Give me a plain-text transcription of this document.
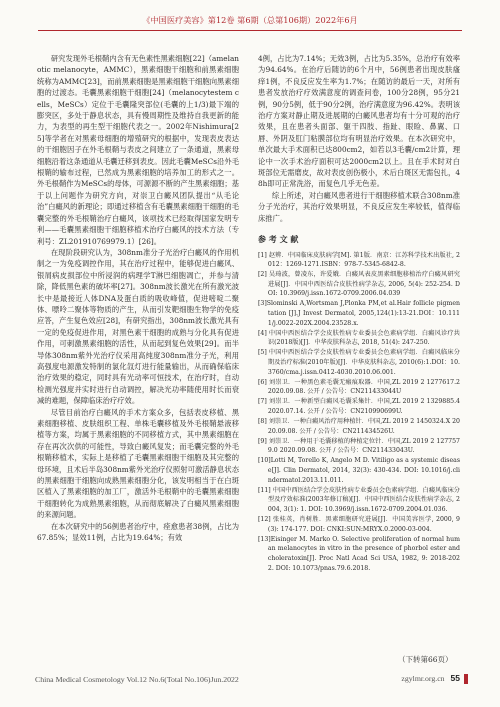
《中国医疗美容》第12卷 第6期（总第106期）2022年6月

研究发现外毛根鞘内含有无色素性黑素细胞[22]（amelanotic melanocyte，AMMC），黑素细胞干细胞和前黑素细胞统称为AMMC[23]，而前黑素细胞是黑素细胞干细胞向黑素细胞的过渡态。毛囊黑素细胞干细胞[24]（melanocytestem cells，MeSCs）定位于毛囊隆突部位(毛囊的上1/3)最下端的膨突区，多处于静息状态，具有慢周期性及维持自我更新的能力，为表型的再生型干细胞代表之一。2002年Nishimura[25]等学者在对黑素母细胞的增殖研究的根据中，发现表皮表达的干细胞因子在外毛根鞘与表皮之间建立了一条通道，黑素母细胞沿着这条通道从毛囊迁移到表皮。因此毛囊MeSCs沿外毛根鞘的输布过程，已然成为黑素细胞的培养加工的形式之一。外毛根鞘作为MeSCs的母体，可源源不断的产生黑素细胞；基于以上问题作为研究方向，对崇卫白癜风团队提出“从毛论治”白癜风的新理论；即通过移植含有毛囊黑素细胞干细胞的毛囊完整的外毛根鞘治疗白癜风，该项技术已经取得国家发明专利——毛囊黑素细胞干细胞移植术治疗白癜风的技术方法（专利号：ZL201910769979.1）[26]。

在现阶段研究认为，308nm准分子光治疗白癜风的作用机制之一为免疫调控作用，其在治疗过程中，能够促进白癜风、银屑病皮损部位中所浸润的病理学T淋巴细胞凋亡，并参与清除，降低黑色素的破坏率[27]。308nm波长激光在所有激光波长中是最接近人体DNA及蛋白质的吸收峰值，促进嘧啶二聚体、嘌呤二聚体等物质的产生，从而引发靶细胞生物学的免疫应答，产生复色效应[28]，有研究指出，308nm波长激光具有一定的免疫促进作用，对黑色素干细胞的成熟与分化具有促进作用，可刺激黑素细胞的活性，从而起到复色效果[29]。而半导体308nm紫外光治疗仪采用高纯度308nm准分子光，利用高强度电源激发特制的氯化氙灯进行能量输出，从而确保临床治疗效果的稳定，同时具有光动率可恒技术，在治疗时，自动检测光强度并实时进行自动调控，解决光功率随使用时长而衰减的难题，保障临床治疗疗效。

尽管目前治疗白癜风的手术方案众多，包括表皮移植、黑素细胞移植、皮肤组织工程、单株毛囊移植及外毛根鞘悬液移植等方案，均属于黑素细胞的不同移植方式，其中黑素细胞在存在再次次供的可能性，导致白癜风复发；而毛囊完整的外毛根鞘移植术，实际上是移植了毛囊黑素细胞干细胞及其完整的母环境，且术后半岛308nm紫外光治疗仪照射可激活静息状态的黑素细胞干细胞向成熟黑素细胞分化，该发明相当于在白斑区植入了黑素细胞的加工厂，激活外毛根鞘中的毛囊黑素细胞干细胞转化为成熟黑素细胞，从而彻底解决了白癜风黑素细胞的来源问题。

在本次研究中的56例患者治疗中，痊愈患者38例，占比为67.85%；显效11例，占比为19.64%；有效

4例，占比为7.14%；无效3例，占比为5.35%，总治疗有效率为94.64%。在治疗后随访的6个月中，56例患者出现皮肤瘙痒1例，不良反应发生率为1.7%；在随访的最后一天，对所有患者发放治疗疗效满意度的调查问卷，100分28例，95分21例，90分5例，低于90分2例，治疗满意度为96.42%。表明该治疗方案对静止期及进展期的白癜风患者均有十分可观的治疗效果，且在患者头面部、躯干四肢、指趾、眼睑、鼻翼、口唇、外阴及肛门粘膜部位均有明显治疗效果。在本次研究中，单次最大手术面积已达800cm2，如若以3毛囊/cm2计算，理论中一次手术治疗面积可达2000cm2以上。且在手术时对白斑部位无需磨皮，故对表皮创伤极小，术后白斑区无需包扎，48h即可正常洗浴，而复色几乎无色差。

综上所述，对白癜风患者进行干细胞移植术联合308nm准分子光治疗，其治疗效果明显，不良反应发生率较低，值得临床推广。

参 考 文 献

[1] 赵辨．中国临床皮肤病学[M]. 第1版．南京：江苏科学技术出版社, 2012：1269-1271.ISBN：978-7-5345-6842-8.

[2] 吴琦波，曾凌东，许爱娥．白癜风表皮黑素细胞移植治疗白癜风研究进展[J]．中国中西医结合皮肤性病学杂志, 2006, 5(4): 252-254. DOI: 10.3969/j.issn.1672-0709.2006.04.039

[3]Slominski A,Wortsman J,Plonka PM,et al.Hair follicle pigmentation [J].J Invest Dermatol, 2005,124(1):13-21.DOI：10.1111/j.0022-202X.2004.23528.x.

[4] 中国中西医结合学会皮肤性病专业委员会色素病学组．白癜风诊疗共识(2018版)[J]．中华皮肤科杂志, 2018, 51(4): 247-250.

[5] 中国中西医结合学会皮肤性病专业委员会色素病学组．白癜风临床分期及治疗标准(2010年版)[J]．中华皮肤科杂志, 2010(6):1.DOI：10.3760/cma.j.issn.0412-4030.2010.06.001.

[6] 刘崇卫．一种黑色素毛囊无瘢痕取器．中国,ZL 2019 2 1277617.2 2020.09.08. 公开 / 公告号：CN211433044U

[7] 刘崇卫．一种新型白癜风毛囊采集针．中国,ZL 2019 2 1329885.4 2020.07.14. 公开 / 公告号：CN210990699U.

[8] 刘崇卫．一种白癜风治疗用种植针．中国,ZL 2019 2 1450324.X 2020.09.08. 公开 / 公告号：CN211434526U.

[9] 刘崇卫．一种用于毛囊移植的种植定位针．中国,ZL 2019 2 1277579.0 2020.09.08. 公开 / 公告号：CN211433043U.

[10]Lotti M, Torello K, Angelo M D. Vitiligo as a systemic disease[J]. Clin Dermatol, 2014, 32(3): 430-434. DOI: 10.1016/j.clindermatol.2013.11.011.

[11] 中国中西医结合学会皮肤性病专业委员会色素病学组．白癜风临床分型及疗效标准(2003年修订稿)[J]．中国中西医结合皮肤性病学杂志, 2004, 3(1): 1. DOI: 10.3969/j.issn.1672-0709.2004.01.036.

[12] 张桂英，肖树胜．黑素细胞研究进展[J]．中国美容医学, 2000, 9(3): 174-177. DOI: CNKI:SUN:MRYX.0.2000-03-004.

[13]Eisinger M. Marko O. Selective proliferation of normal human melanocytes in vitro in the presence of phorbol ester and choleratoxin[J]. Proc Natl Acad Sci USA, 1982, 9: 2018-2022. DOI: 10.1073/pnas.79.6.2018.

（下转第66页）
China Medical Cosmetology Vol.12 No.6(Total No.106)Jun.2022	zgylmr.org.cn 55
